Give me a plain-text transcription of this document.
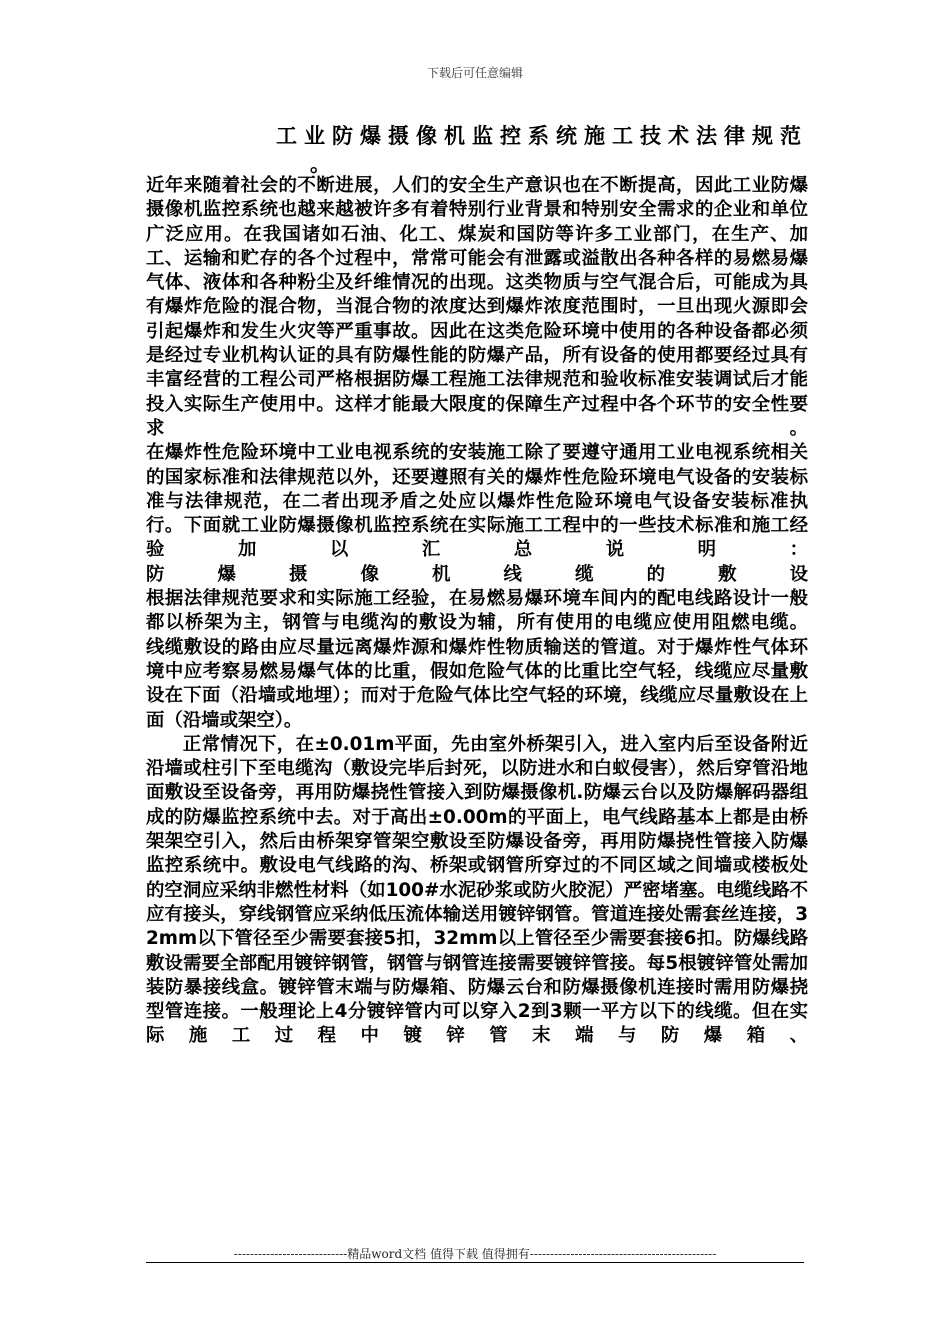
下载后可任意编辑
工业防爆摄像机监控系统施工技术法律规范
。

近年来随着社会的不断进展，人们的安全生产意识也在不断提高，因此工业防爆摄像机监控系统也越来越被许多有着特别行业背景和特别安全需求的企业和单位广泛应用。在我国诸如石油、化工、煤炭和国防等许多工业部门，在生产、加工、运输和贮存的各个过程中，常常可能会有泄露或溢散出各种各样的易燃易爆气体、液体和各种粉尘及纤维情况的出现。这类物质与空气混合后，可能成为具有爆炸危险的混合物，当混合物的浓度达到爆炸浓度范围时，一旦出现火源即会引起爆炸和发生火灾等严重事故。因此在这类危险环境中使用的各种设备都必须是经过专业机构认证的具有防爆性能的防爆产品，所有设备的使用都要经过具有丰富经营的工程公司严格根据防爆工程施工法律规范和验收标准安装调试后才能投入实际生产使用中。这样才能最大限度的保障生产过程中各个环节的安全性要求。

在爆炸性危险环境中工业电视系统的安装施工除了要遵守通用工业电视系统相关的国家标准和法律规范以外，还要遵照有关的爆炸性危险环境电气设备的安装标准与法律规范，在二者出现矛盾之处应以爆炸性危险环境电气设备安装标准执行。下面就工业防爆摄像机监控系统在实际施工工程中的一些技术标准和施工经验加以汇总说明：

防爆摄像机线缆的敷设

根据法律规范要求和实际施工经验，在易燃易爆环境车间内的配电线路设计一般都以桥架为主，钢管与电缆沟的敷设为辅，所有使用的电缆应使用阻燃电缆。

线缆敷设的路由应尽量远离爆炸源和爆炸性物质输送的管道。对于爆炸性气体环境中应考察易燃易爆气体的比重，假如危险气体的比重比空气轻，线缆应尽量敷设在下面（沿墙或地埋）；而对于危险气体比空气轻的环境，线缆应尽量敷设在上面（沿墙或架空）。

正常情况下，在±0.01m平面，先由室外桥架引入，进入室内后至设备附近沿墙或柱引下至电缆沟（敷设完毕后封死，以防进水和白蚁侵害），然后穿管沿地面敷设至设备旁，再用防爆挠性管接入到防爆摄像机.防爆云台以及防爆解码器组成的防爆监控系统中去。对于高出±0.00m的平面上，电气线路基本上都是由桥架架空引入，然后由桥架穿管架空敷设至防爆设备旁，再用防爆挠性管接入防爆监控系统中。敷设电气线路的沟、桥架或钢管所穿过的不同区域之间墙或楼板处的空洞应采纳非燃性材料（如100#水泥砂浆或防火胶泥）严密堵塞。电缆线路不应有接头，穿线钢管应采纳低压流体输送用镀锌钢管。管道连接处需套丝连接，32mm以下管径至少需要套接5扣，32mm以上管径至少需要套接6扣。防爆线路敷设需要全部配用镀锌钢管，钢管与钢管连接需要镀锌管接。每5根镀锌管处需加装防暴接线盒。镀锌管末端与防爆箱、防爆云台和防爆摄像机连接时需用防爆挠型管连接。一般理论上4分镀锌管内可以穿入2到3颗一平方以下的线缆。但在实际施工过程中镀锌管末端与防爆箱、

----------------------------精品word文档 值得下载 值得拥有----------------------------------------------
